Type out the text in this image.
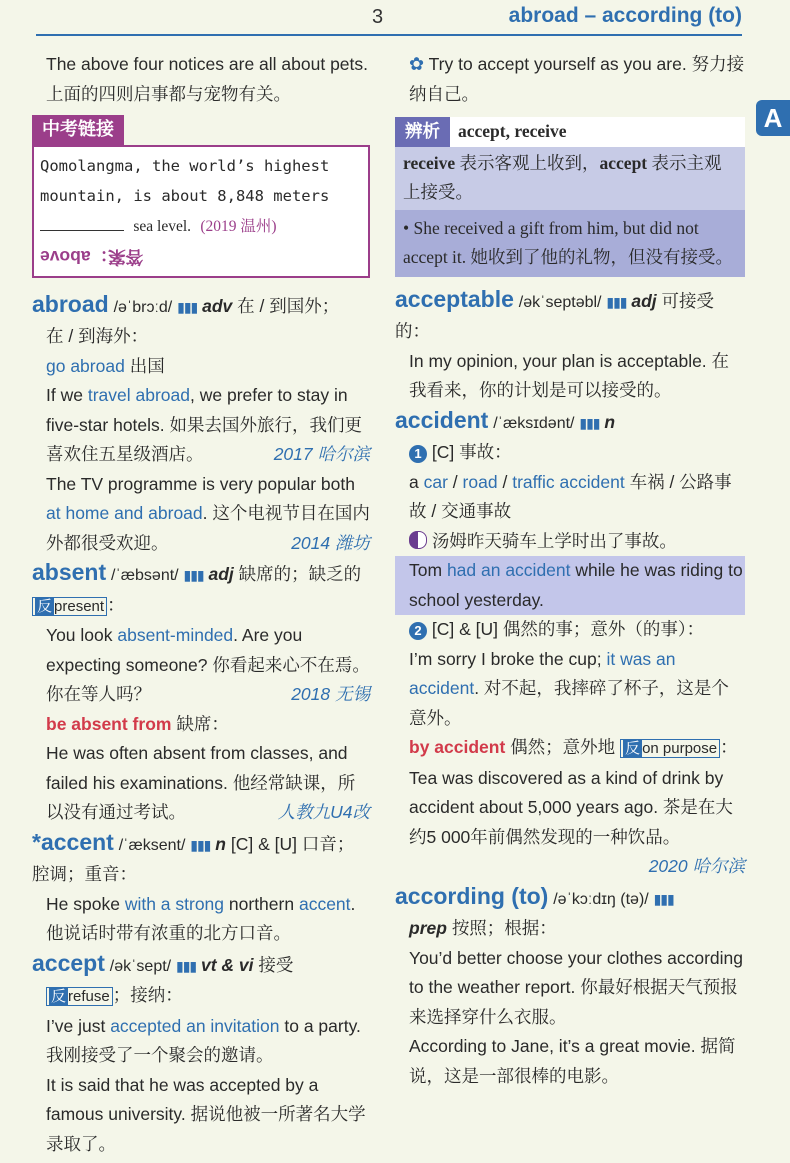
3	abroad – according (to)
A

The above four notices are all about pets. 上面的四则启事都与宠物有关。

中考链接
Qomolangma, the world’s highest
mountain, is about 8,848 meters
sea level. (2019 温州)
答案：above

abroad /əˈbrɔːd/ ▮▮▮ adv 在 / 到国外；

在 / 到海外：

go abroad 出国

If we travel abroad, we prefer to stay in five-star hotels. 如果去国外旅行，我们更喜欢住五星级酒店。	2017 哈尔滨

The TV programme is very popular both at home and abroad. 这个电视节目在国内外都很受欢迎。	2014 潍坊

absent /ˈæbsənt/ ▮▮▮ adj 缺席的；缺乏的 反 present ：

You look absent-minded. Are you expecting someone? 你看起来心不在焉。你在等人吗？	2018 无锡

be absent from 缺席：

He was often absent from classes, and failed his examinations. 他经常缺课，所以没有通过考试。	人教九U4改

*accent /ˈæksent/ ▮▮▮ n [C] & [U] 口音；腔调；重音：

He spoke with a strong northern accent. 他说话时带有浓重的北方口音。

accept /əkˈsept/ ▮▮▮ vt & vi 接受

反 refuse ；接纳：

I’ve just accepted an invitation to a party. 我刚接受了一个聚会的邀请。

It is said that he was accepted by a famous university. 据说他被一所著名大学录取了。

✿ Try to accept yourself as you are. 努力接纳自己。

辨析 accept, receive
receive 表示客观上收到，accept 表示主观上接受。
• She received a gift from him, but did not accept it. 她收到了他的礼物，但没有接受。

acceptable /əkˈseptəbl/ ▮▮▮ adj 可接受的：

In my opinion, your plan is acceptable. 在我看来，你的计划是可以接受的。

accident /ˈæksɪdənt/ ▮▮▮ n

1 [C] 事故：

a car / road / traffic accident 车祸 / 公路事故 / 交通事故

汤姆昨天骑车上学时出了事故。

Tom had an accident while he was riding to school yesterday.

2 [C] & [U] 偶然的事；意外（的事）：

I’m sorry I broke the cup; it was an accident. 对不起，我摔碎了杯子，这是个意外。

by accident 偶然；意外地 反 on purpose ：

Tea was discovered as a kind of drink by accident about 5,000 years ago. 茶是在大约5 000年前偶然发现的一种饮品。
2020 哈尔滨

according (to) /əˈkɔːdɪŋ (tə)/ ▮▮▮

prep 按照；根据：

You’d better choose your clothes according to the weather report. 你最好根据天气预报来选择穿什么衣服。

According to Jane, it’s a great movie. 据简说，这是一部很棒的电影。
